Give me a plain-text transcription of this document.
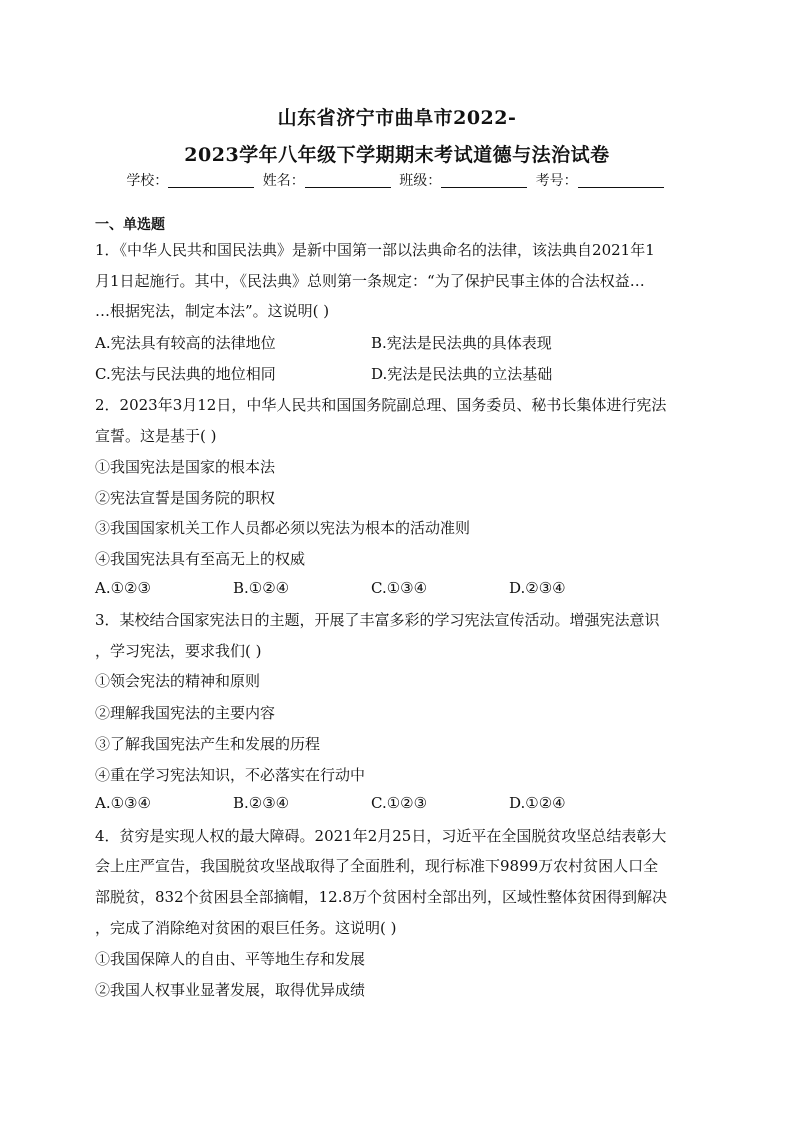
山东省济宁市曲阜市2022-
2023学年八年级下学期期末考试道德与法治试卷
学校：	姓名：	班级：	考号：
一、单选题
1．《中华人民共和国民法典》是新中国第一部以法典命名的法律，该法典自2021年1
月1日起施行。其中，《民法典》总则第一条规定：“为了保护民事主体的合法权益…
…根据宪法，制定本法”。这说明( )
A.宪法具有较高的法律地位	B.宪法是民法典的具体表现
C.宪法与民法典的地位相同	D.宪法是民法典的立法基础
2．2023年3月12日，中华人民共和国国务院副总理、国务委员、秘书长集体进行宪法
宣誓。这是基于( )
①我国宪法是国家的根本法
②宪法宣誓是国务院的职权
③我国国家机关工作人员都必须以宪法为根本的活动准则
④我国宪法具有至高无上的权威
A.①②③	B.①②④	C.①③④	D.②③④
3．某校结合国家宪法日的主题，开展了丰富多彩的学习宪法宣传活动。增强宪法意识
，学习宪法，要求我们( )
①领会宪法的精神和原则
②理解我国宪法的主要内容
③了解我国宪法产生和发展的历程
④重在学习宪法知识，不必落实在行动中
A.①③④	B.②③④	C.①②③	D.①②④
4．贫穷是实现人权的最大障碍。2021年2月25日，习近平在全国脱贫攻坚总结表彰大
会上庄严宣告，我国脱贫攻坚战取得了全面胜利，现行标准下9899万农村贫困人口全
部脱贫，832个贫困县全部摘帽，12.8万个贫困村全部出列，区域性整体贫困得到解决
，完成了消除绝对贫困的艰巨任务。这说明( )
①我国保障人的自由、平等地生存和发展
②我国人权事业显著发展，取得优异成绩
